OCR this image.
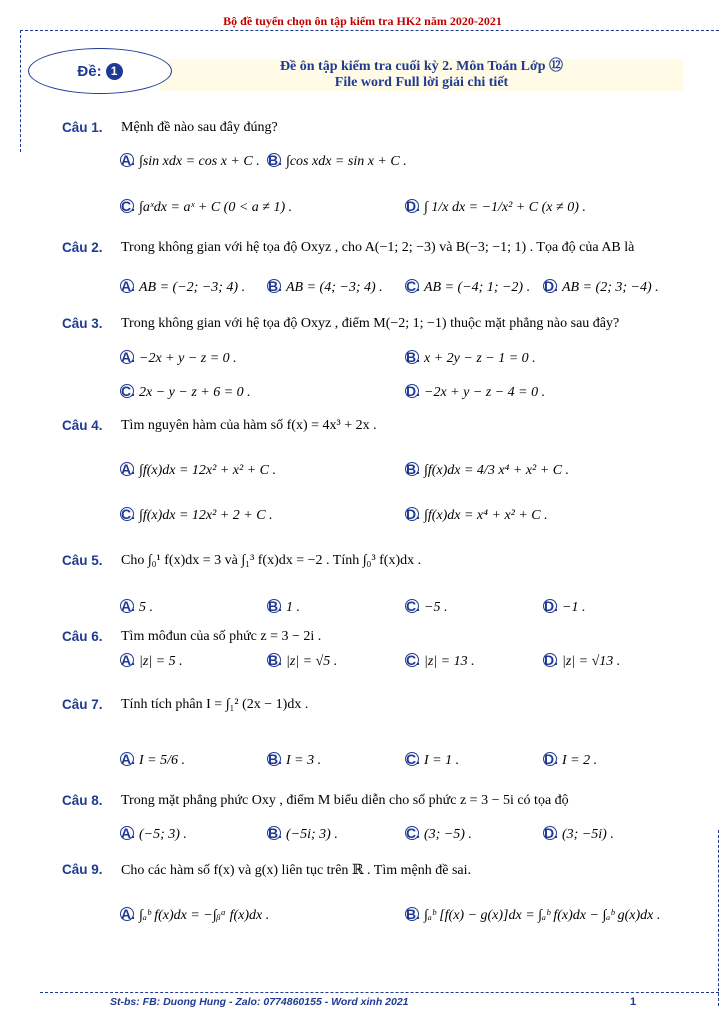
Bộ đề tuyển chọn ôn tập kiểm tra HK2 năm 2020-2021
Đề: 1	Đề ôn tập kiểm tra cuối kỳ 2. Môn Toán Lớp ⑫
File word Full lời giải chi tiết
Câu 1. Mệnh đề nào sau đây đúng?
A. ∫sin xdx = cos x + C . B. ∫cos xdx = sin x + C .
C. ∫aˣdx = aˣ + C (0 < a ≠ 1) .	D. ∫ 1/x dx = −1/x² + C (x ≠ 0) .
Câu 2. Trong không gian với hệ tọa độ Oxyz , cho A(−1; 2; −3) và B(−3; −1; 1) . Tọa độ của AB là
A. AB = (−2; −3; 4) . B. AB = (4; −3; 4) . C. AB = (−4; 1; −2) . D. AB = (2; 3; −4) .
Câu 3. Trong không gian với hệ tọa độ Oxyz , điểm M(−2; 1; −1) thuộc mặt phẳng nào sau đây?
A. −2x + y − z = 0 .	B. x + 2y − z − 1 = 0 .
C. 2x − y − z + 6 = 0 .	D. −2x + y − z − 4 = 0 .
Câu 4. Tìm nguyên hàm của hàm số f(x) = 4x³ + 2x .
A. ∫f(x)dx = 12x² + x² + C .	B. ∫f(x)dx = 4/3 x⁴ + x² + C .
C. ∫f(x)dx = 12x² + 2 + C .	D. ∫f(x)dx = x⁴ + x² + C .
Câu 5. Cho ∫₀¹ f(x)dx = 3 và ∫₁³ f(x)dx = −2 . Tính ∫₀³ f(x)dx .
A. 5 .	B. 1 .	C. −5 .	D. −1 .
Câu 6. Tìm môđun của số phức z = 3 − 2i .
A. |z| = 5 .	B. |z| = √5 .	C. |z| = 13 .	D. |z| = √13 .
Câu 7. Tính tích phân I = ∫₁² (2x − 1)dx .
A. I = 5/6 .	B. I = 3 .	C. I = 1 .	D. I = 2 .
Câu 8. Trong mặt phẳng phức Oxy , điểm M biểu diễn cho số phức z = 3 − 5i có tọa độ
A. (−5; 3) .	B. (−5i; 3) .	C. (3; −5) .	D. (3; −5i) .
Câu 9. Cho các hàm số f(x) và g(x) liên tục trên ℝ . Tìm mệnh đề sai.
A. ∫ₐᵇ f(x)dx = −∫ᵦᵃ f(x)dx .	B. ∫ₐᵇ [f(x) − g(x)]dx = ∫ₐᵇ f(x)dx − ∫ₐᵇ g(x)dx .
St-bs: FB: Duong Hung - Zalo: 0774860155 - Word xinh 2021	1
